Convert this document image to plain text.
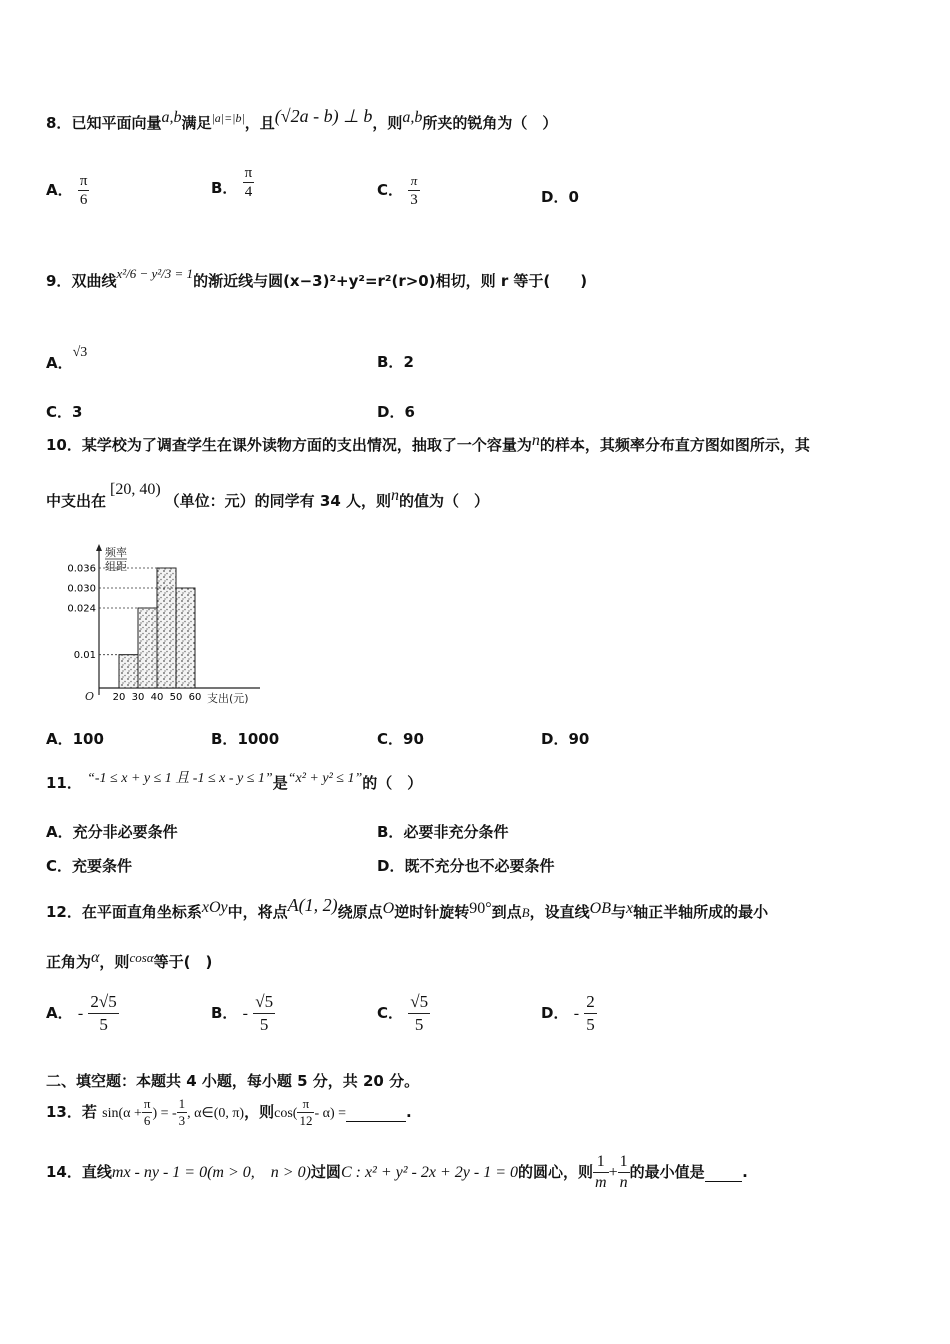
8．已知平面向量a,b满足$^{|a|=|b|}$，且(√2a - b) ⊥ b，则a,b所夹的锐角为（　）
A． $\frac{\pi}{6}$	B． $\frac{\pi}{4}$	C． $\frac{\pi}{3}$	D．0
9．双曲线x²/6 − y²/3 = 1的渐近线与圆(x−3)²+y²=r²(r>0)相切，则 r 等于(　　)
A．√3
B．2
C．3	D．6
10．某学校为了调查学生在课外读物方面的支出情况，抽取了一个容量为n的样本，其频率分布直方图如图所示，其
中支出在[20, 40)（单位：元）的同学有 34 人，则n的值为（　）
0.036
0.030
0.024
0.01
20 30 40 50 60
频率
组距
O	支出(元)
A．100	B．1000	C．90	D．90
11． “-1 ≤ x + y ≤ 1 且 -1 ≤ x - y ≤ 1”是“x² + y² ≤ 1”的（　）
A．充分非必要条件	B．必要非充分条件
C．充要条件	D．既不充分也不必要条件
12．在平面直角坐标系xOy中，将点A(1, 2)绕原点O逆时针旋转90°到点B，设直线OB与x轴正半轴所成的最小
正角为α，则cosα等于(　)
A． - $\frac{2√5}{5}$	B． - $\frac{√5}{5}$	C． $\frac{√5}{5}$	D． - $\frac{2}{5}$
二、填空题：本题共 4 小题，每小题 5 分，共 20 分。
13．若 $\sin(\alpha + \frac{\pi}{6}$ ) = - $\frac{1}{3}$ , α∈(0, π)，则$\cos( \frac{\pi}{12} - \alpha)$ =	.
14．直线mx - ny - 1 = 0(m > 0,　n > 0)过圆C : x² + y² - 2x + 2y - 1 = 0的圆心，则 $\frac{1}{m} + \frac{1}{n}$ 的最小值是	.
